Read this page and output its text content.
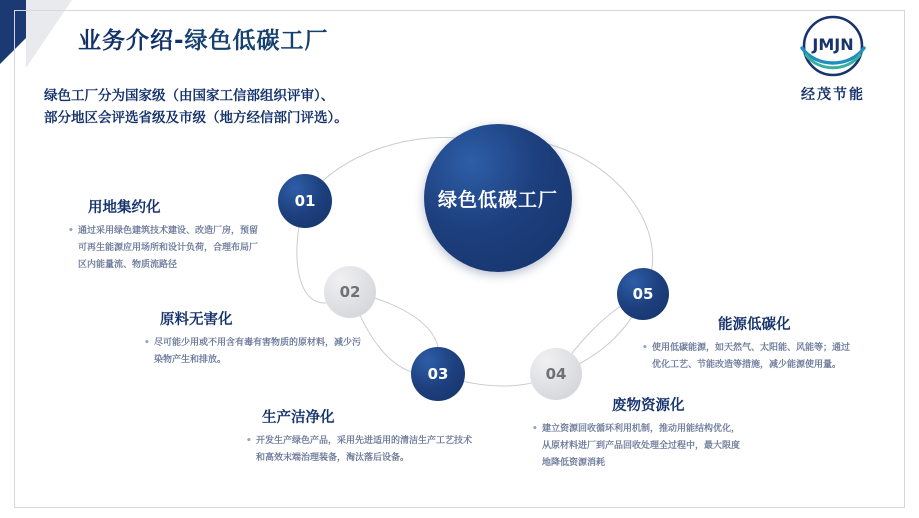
业务介绍-绿色低碳工厂	JMJN
经茂节能
绿色工厂分为国家级（由国家工信部组织评审）、
部分地区会评选省级及市级（地方经信部门评选）。
绿色低碳工厂
01
02
03	04
05
用地集约化
• 通过采用绿色建筑技术建设、改造厂房，预留可再生能源应用场所和设计负荷，合理布局厂区内能量流、物质流路径
原料无害化
• 尽可能少用或不用含有毒有害物质的原材料，减少污染物产生和排放。
生产洁净化
• 开发生产绿色产品，采用先进适用的清洁生产工艺技术和高效末端治理装备，淘汰落后设备。
废物资源化
• 建立资源回收循环利用机制，推动用能结构优化，从原材料进厂到产品回收处理全过程中，最大限度地降低资源消耗
能源低碳化
• 使用低碳能源，如天然气、太阳能、风能等；通过优化工艺、节能改造等措施，减少能源使用量。
